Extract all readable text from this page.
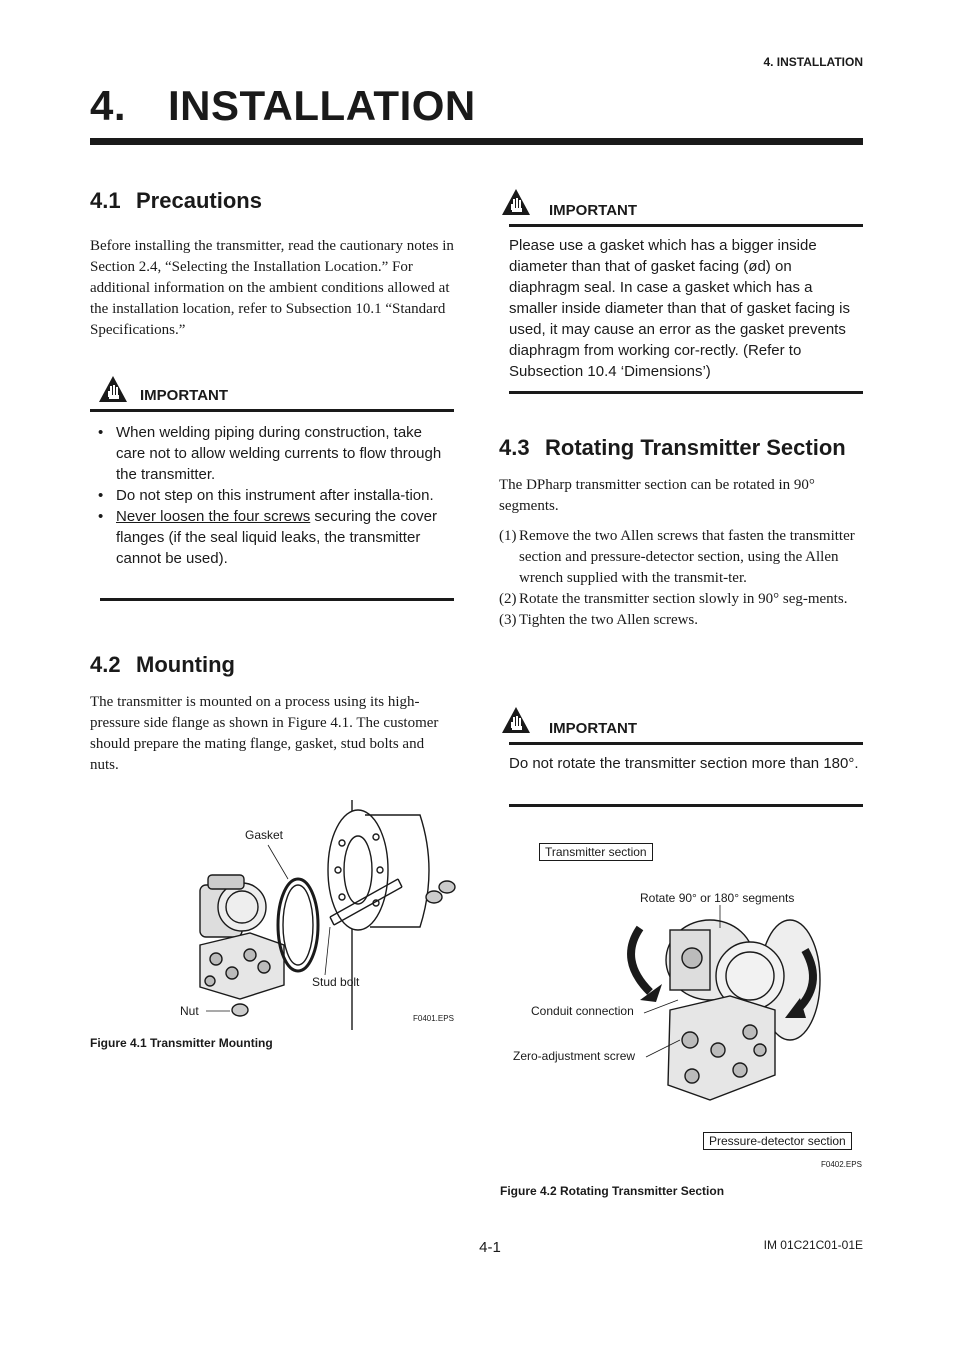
4. INSTALLATION
4. INSTALLATION
4.1 Precautions
Before installing the transmitter, read the cautionary notes in Section 2.4, “Selecting the Installation Location.” For additional information on the ambient conditions allowed at the installation location, refer to Subsection 10.1 “Standard Specifications.”
IMPORTANT
• When welding piping during construction, take care not to allow welding currents to flow through the transmitter.
• Do not step on this instrument after installa-tion.
• Never loosen the four screws securing the cover flanges (if the seal liquid leaks, the transmitter cannot be used).
4.2 Mounting
The transmitter is mounted on a process using its high-pressure side flange as shown in Figure 4.1. The customer should prepare the mating flange, gasket, stud bolts and nuts.
Gasket
Stud bolt
Nut
F0401.EPS
Figure 4.1 Transmitter Mounting
IMPORTANT
Please use a gasket which has a bigger inside diameter than that of gasket facing (ød) on diaphragm seal. In case a gasket which has a smaller inside diameter than that of gasket facing is used, it may cause an error as the gasket prevents diaphragm from working cor-rectly. (Refer to Subsection 10.4 ‘Dimensions’)
4.3 Rotating Transmitter Section
The DPharp transmitter section can be rotated in 90° segments.
(1) Remove the two Allen screws that fasten the transmitter section and pressure-detector section, using the Allen wrench supplied with the transmit-ter.
(2) Rotate the transmitter section slowly in 90° seg-ments.
(3) Tighten the two Allen screws.
IMPORTANT
Do not rotate the transmitter section more than 180°.
Transmitter section
Rotate 90° or 180° segments
Conduit connection
Zero-adjustment screw
Pressure-detector section
F0402.EPS
Figure 4.2 Rotating Transmitter Section
4-1	IM 01C21C01-01E
